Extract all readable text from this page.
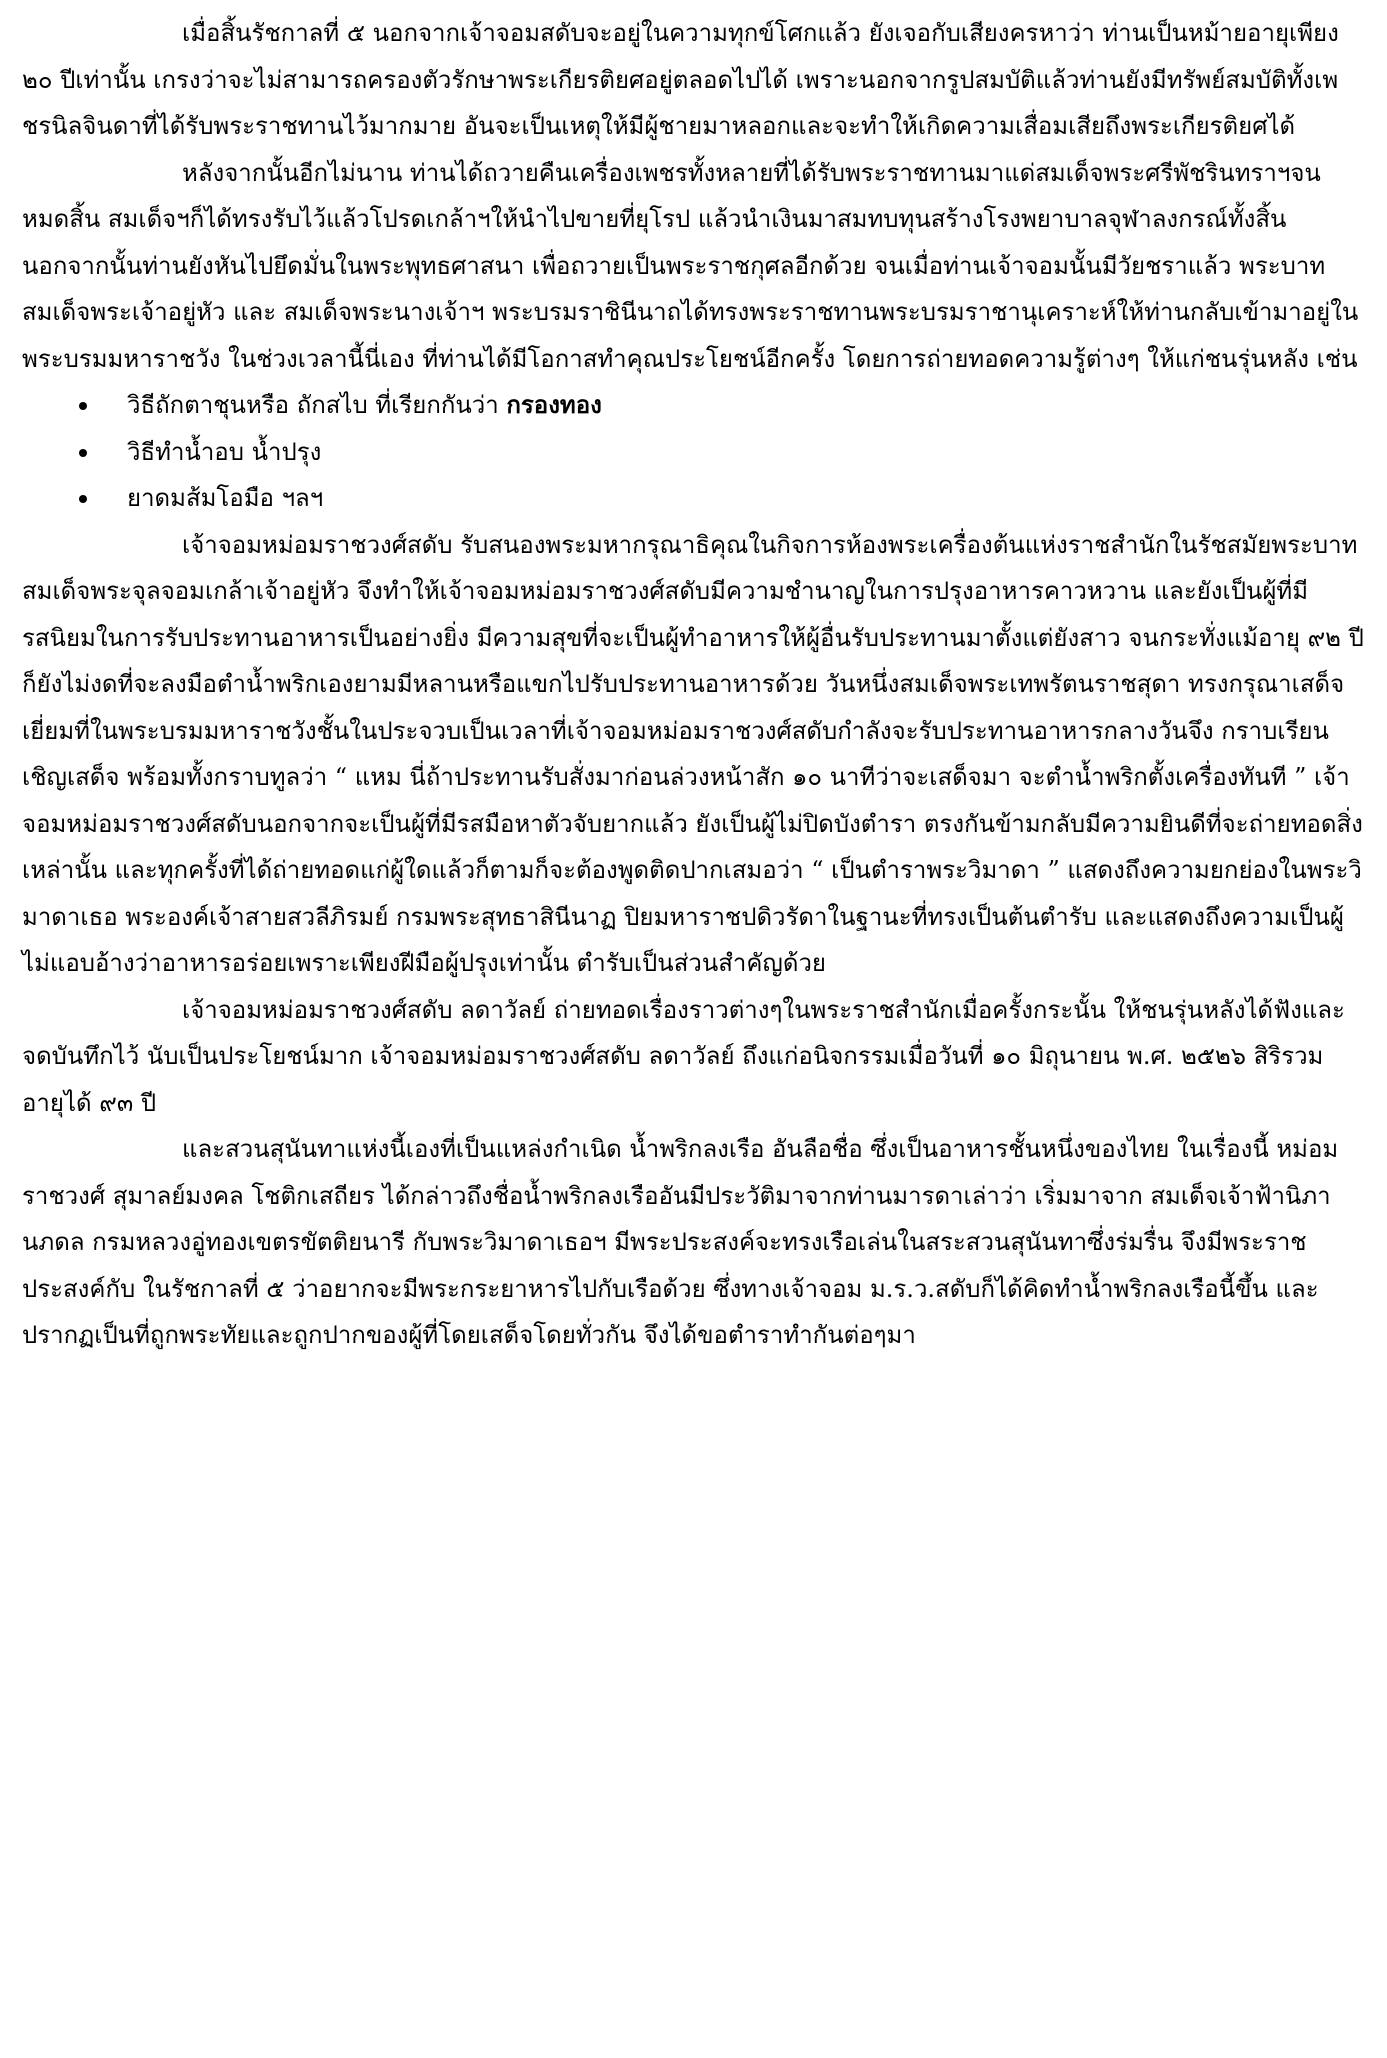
เมื่อสิ้นรัชกาลที่ ๕ นอกจากเจ้าจอมสดับจะอยู่ในความทุกข์โศกแล้ว ยังเจอกับเสียงครหาว่า ท่านเป็นหม้ายอายุเพียง ๒๐ ปีเท่านั้น เกรงว่าจะไม่สามารถครองตัวรักษาพระเกียรติยศอยู่ตลอดไปได้ เพราะนอกจากรูปสมบัติแล้วท่านยังมีทรัพย์สมบัติทั้งเพชรนิลจินดาที่ได้รับพระราชทานไว้มากมาย อันจะเป็นเหตุให้มีผู้ชายมาหลอกและจะทำให้เกิดความเสื่อมเสียถึงพระเกียรติยศได้

หลังจากนั้นอีกไม่นาน ท่านได้ถวายคืนเครื่องเพชรทั้งหลายที่ได้รับพระราชทานมาแด่สมเด็จพระศรีพัชรินทราฯจนหมดสิ้น สมเด็จฯก็ได้ทรงรับไว้แล้วโปรดเกล้าฯให้นำไปขายที่ยุโรป แล้วนำเงินมาสมทบทุนสร้างโรงพยาบาลจุฬาลงกรณ์ทั้งสิ้น นอกจากนั้นท่านยังหันไปยึดมั่นในพระพุทธศาสนา เพื่อถวายเป็นพระราชกุศลอีกด้วย จนเมื่อท่านเจ้าจอมนั้นมีวัยชราแล้ว พระบาทสมเด็จพระเจ้าอยู่หัว และ สมเด็จพระนางเจ้าฯ พระบรมราชินีนาถได้ทรงพระราชทานพระบรมราชานุเคราะห์ให้ท่านกลับเข้ามาอยู่ในพระบรมมหาราชวัง ในช่วงเวลานี้นี่เอง ที่ท่านได้มีโอกาสทำคุณประโยชน์อีกครั้ง โดยการถ่ายทอดความรู้ต่างๆ ให้แก่ชนรุ่นหลัง เช่น

วิธีถักตาชุนหรือ ถักสไบ ที่เรียกกันว่า กรองทอง
วิธีทำน้ำอบ น้ำปรุง
ยาดมส้มโอมือ ฯลฯ

เจ้าจอมหม่อมราชวงศ์สดับ รับสนองพระมหากรุณาธิคุณในกิจการห้องพระเครื่องต้นแห่งราชสำนักในรัชสมัยพระบาทสมเด็จพระจุลจอมเกล้าเจ้าอยู่หัว จึงทำให้เจ้าจอมหม่อมราชวงศ์สดับมีความชำนาญในการปรุงอาหารคาวหวาน และยังเป็นผู้ที่มีรสนิยมในการรับประทานอาหารเป็นอย่างยิ่ง มีความสุขที่จะเป็นผู้ทำอาหารให้ผู้อื่นรับประทานมาตั้งแต่ยังสาว จนกระทั่งแม้อายุ ๙๒ ปี ก็ยังไม่งดที่จะลงมือตำน้ำพริกเองยามมีหลานหรือแขกไปรับประทานอาหารด้วย วันหนึ่งสมเด็จพระเทพรัตนราชสุดา ทรงกรุณาเสด็จเยี่ยมที่ในพระบรมมหาราชวังชั้นในประจวบเป็นเวลาที่เจ้าจอมหม่อมราชวงศ์สดับกำลังจะรับประทานอาหารกลางวันจึง กราบเรียนเชิญเสด็จ พร้อมทั้งกราบทูลว่า “ แหม นี่ถ้าประทานรับสั่งมาก่อนล่วงหน้าสัก ๑๐ นาทีว่าจะเสด็จมา จะตำน้ำพริกตั้งเครื่องทันที ” เจ้าจอมหม่อมราชวงศ์สดับนอกจากจะเป็นผู้ที่มีรสมือหาตัวจับยากแล้ว ยังเป็นผู้ไม่ปิดบังตำรา ตรงกันข้ามกลับมีความยินดีที่จะถ่ายทอดสิ่งเหล่านั้น และทุกครั้งที่ได้ถ่ายทอดแก่ผู้ใดแล้วก็ตามก็จะต้องพูดติดปากเสมอว่า “ เป็นตำราพระวิมาดา ” แสดงถึงความยกย่องในพระวิมาดาเธอ พระองค์เจ้าสายสวลีภิรมย์ กรมพระสุทธาสินีนาฏ ปิยมหาราชปดิวรัดาในฐานะที่ทรงเป็นต้นตำรับ และแสดงถึงความเป็นผู้ไม่แอบอ้างว่าอาหารอร่อยเพราะเพียงฝีมือผู้ปรุงเท่านั้น ตำรับเป็นส่วนสำคัญด้วย

เจ้าจอมหม่อมราชวงศ์สดับ ลดาวัลย์ ถ่ายทอดเรื่องราวต่างๆในพระราชสำนักเมื่อครั้งกระนั้น ให้ชนรุ่นหลังได้ฟังและจดบันทึกไว้ นับเป็นประโยชน์มาก เจ้าจอมหม่อมราชวงศ์สดับ ลดาวัลย์ ถึงแก่อนิจกรรมเมื่อวันที่ ๑๐ มิถุนายน พ.ศ. ๒๕๒๖ สิริรวมอายุได้ ๙๓ ปี

และสวนสุนันทาแห่งนี้เองที่เป็นแหล่งกำเนิด น้ำพริกลงเรือ อันลือชื่อ ซึ่งเป็นอาหารชั้นหนึ่งของไทย ในเรื่องนี้ หม่อมราชวงศ์ สุมาลย์มงคล โชติกเสถียร ได้กล่าวถึงชื่อน้ำพริกลงเรืออันมีประวัติมาจากท่านมารดาเล่าว่า เริ่มมาจาก สมเด็จเจ้าฟ้านิภานภดล กรมหลวงอู่ทองเขตรขัตติยนารี กับพระวิมาดาเธอฯ มีพระประสงค์จะทรงเรือเล่นในสระสวนสุนันทาซึ่งร่มรื่น จึงมีพระราชประสงค์กับ ในรัชกาลที่ ๕ ว่าอยากจะมีพระกระยาหารไปกับเรือด้วย ซึ่งทางเจ้าจอม ม.ร.ว.สดับก็ได้คิดทำน้ำพริกลงเรือนี้ขึ้น และปรากฏเป็นที่ถูกพระทัยและถูกปากของผู้ที่โดยเสด็จโดยทั่วกัน จึงได้ขอตำราทำกันต่อๆมา
